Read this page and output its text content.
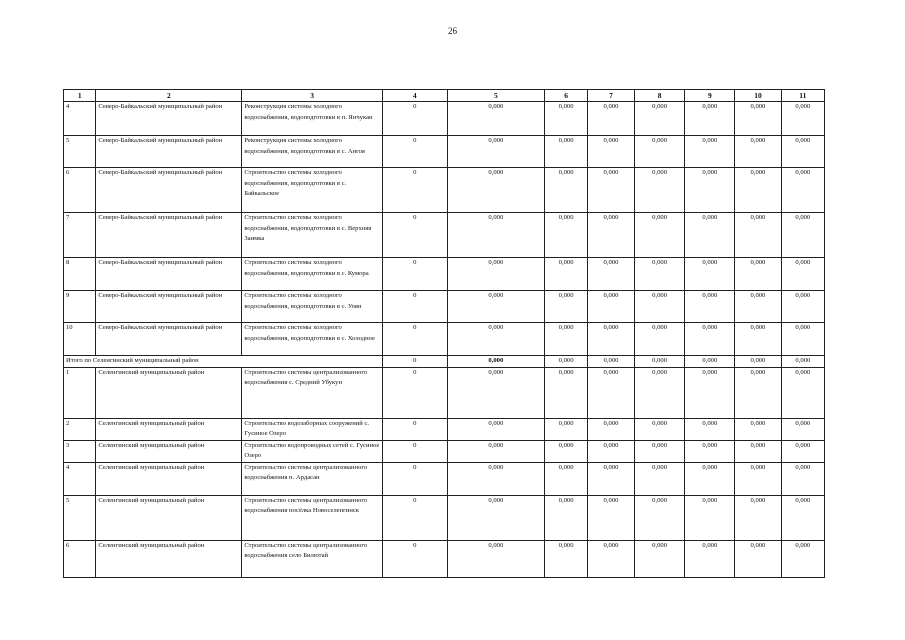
26
1	2	3	4	5	6	7	8	9	10	11
4	Северо-Байкальский муниципальный район	Реконструкция системы холодного водоснабжения, водоподготовки в п. Янчукан	0	0,000	0,000	0,000	0,000	0,000	0,000	0,000
5	Северо-Байкальский муниципальный район	Реконструкция системы холодного водоснабжения, водоподготовки в с. Ангоя	0	0,000	0,000	0,000	0,000	0,000	0,000	0,000
6	Северо-Байкальский муниципальный район	Строительство системы холодного водоснабжения, водоподготовки в с. Байкальское	0	0,000	0,000	0,000	0,000	0,000	0,000	0,000
7	Северо-Байкальский муниципальный район	Строительство системы холодного водоснабжения, водоподготовки в с. Верхняя Заимка	0	0,000	0,000	0,000	0,000	0,000	0,000	0,000
8	Северо-Байкальский муниципальный район	Строительство системы холодного водоснабжения, водоподготовки в с. Кумора	0	0,000	0,000	0,000	0,000	0,000	0,000	0,000
9	Северо-Байкальский муниципальный район	Строительство системы холодного водоснабжения, водоподготовки в с. Уоян	0	0,000	0,000	0,000	0,000	0,000	0,000	0,000
10	Северо-Байкальский муниципальный район	Строительство системы холодного водоснабжения, водоподготовки в с. Холодное	0	0,000	0,000	0,000	0,000	0,000	0,000	0,000
Итого по Селенгинский муниципальный район			0	0,000	0,000	0,000	0,000	0,000	0,000	0,000
1	Селенгинский муниципальный район	Строительство системы централизованного водоснабжения с. Средний Убукун	0	0,000	0,000	0,000	0,000	0,000	0,000	0,000
2	Селенгинский муниципальный район	Строительство водозаборных сооружений с. Гусиное Озеро	0	0,000	0,000	0,000	0,000	0,000	0,000	0,000
3	Селенгинский муниципальный район	Строительство водопроводных сетей с. Гусиное Озеро	0	0,000	0,000	0,000	0,000	0,000	0,000	0,000
4	Селенгинский муниципальный район	Строительство системы централизованного водоснабжения п. Ардасан	0	0,000	0,000	0,000	0,000	0,000	0,000	0,000
5	Селенгинский муниципальный район	Строительство системы централизованного водоснабжения посёлка Новоселенгинск	0	0,000	0,000	0,000	0,000	0,000	0,000	0,000
6	Селенгинский муниципальный район	Строительство системы централизованного водоснабжения село Билютай	0	0,000	0,000	0,000	0,000	0,000	0,000	0,000
